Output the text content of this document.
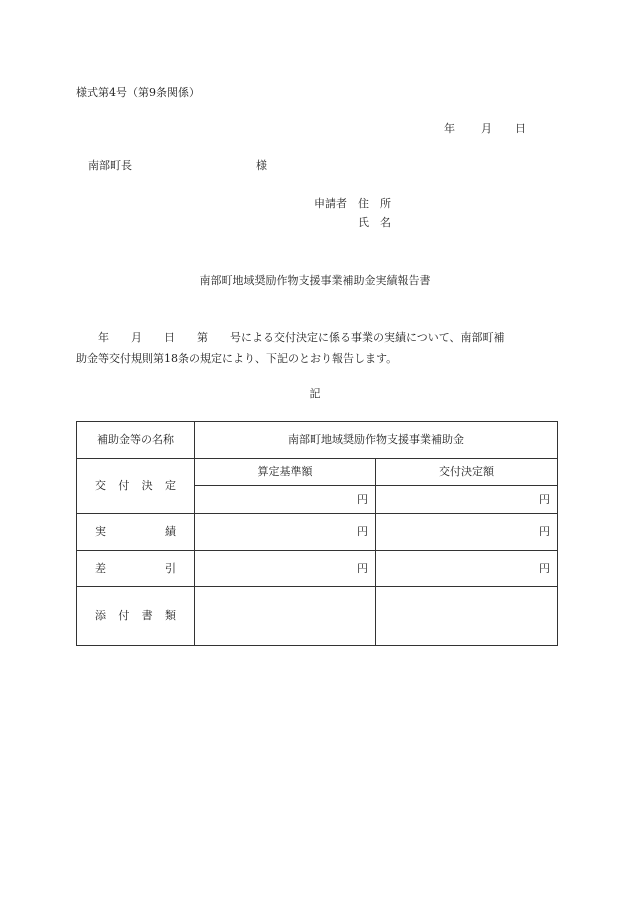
様式第4号（第9条関係）
年 月 日
南部町長	様
申請者 住　所
氏　名
南部町地域奨励作物支援事業補助金実績報告書
　　年　　月　　日　　第　　号による交付決定に係る事業の実績について、南部町補
助金等交付規則第18条の規定により、下記のとおり報告します。
記
補助金等の名称	南部町地域奨励作物支援事業補助金	
交付決定	算定基準額	交付決定額
	円	円
実績	円	円
差引	円	円
添付書類		
